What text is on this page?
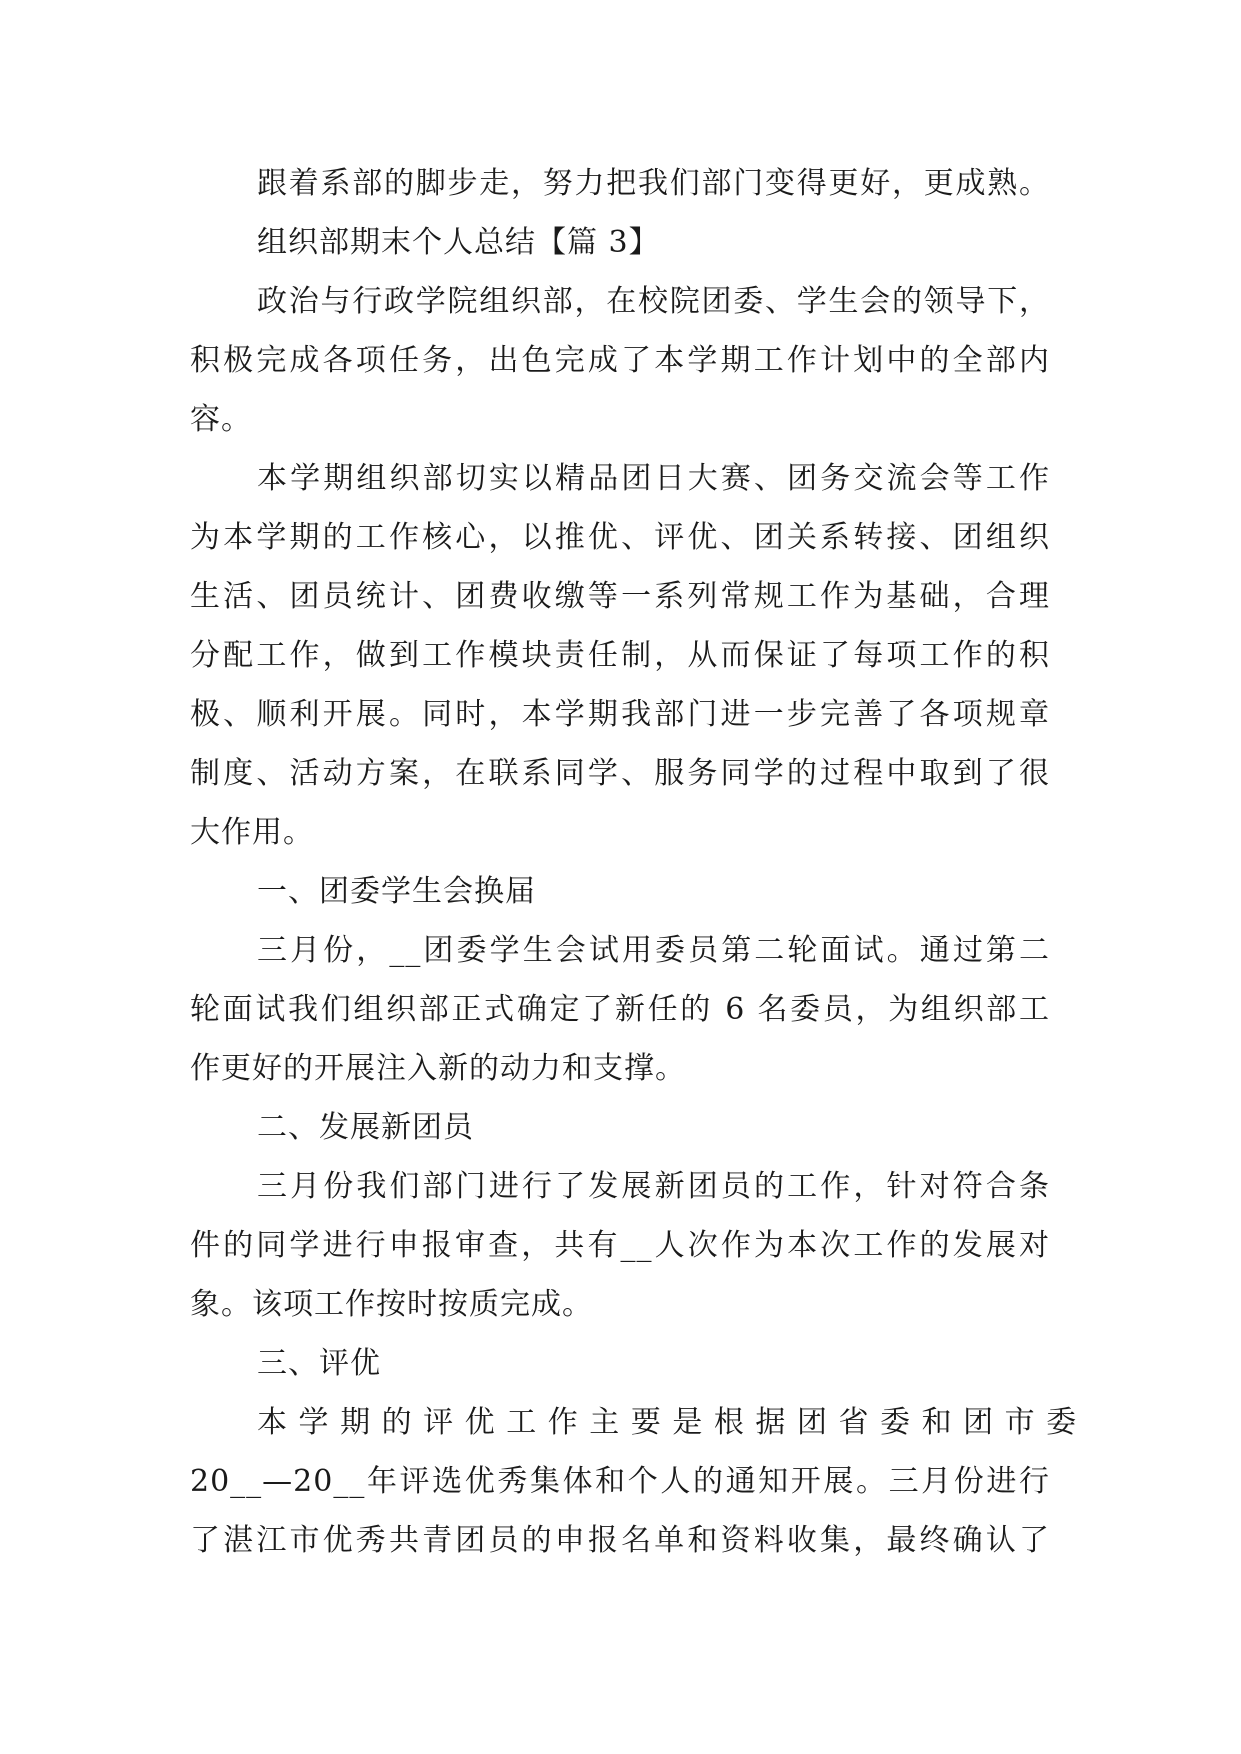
跟着系部的脚步走，努力把我们部门变得更好，更成熟。
组织部期末个人总结【篇 3】
政治与行政学院组织部，在校院团委、学生会的领导下，
积极完成各项任务，出色完成了本学期工作计划中的全部内
容。
本学期组织部切实以精品团日大赛、团务交流会等工作
为本学期的工作核心，以推优、评优、团关系转接、团组织
生活、团员统计、团费收缴等一系列常规工作为基础，合理
分配工作，做到工作模块责任制，从而保证了每项工作的积
极、顺利开展。同时，本学期我部门进一步完善了各项规章
制度、活动方案，在联系同学、服务同学的过程中取到了很
大作用。
一、团委学生会换届
三月份，__团委学生会试用委员第二轮面试。通过第二
轮面试我们组织部正式确定了新任的 6 名委员，为组织部工
作更好的开展注入新的动力和支撑。
二、发展新团员
三月份我们部门进行了发展新团员的工作，针对符合条
件的同学进行申报审查，共有__人次作为本次工作的发展对
象。该项工作按时按质完成。
三、评优
本 学 期 的 评 优 工 作 主 要 是 根 据 团 省 委 和 团 市 委
20__—20__年评选优秀集体和个人的通知开展。三月份进行
了湛江市优秀共青团员的申报名单和资料收集，最终确认了
